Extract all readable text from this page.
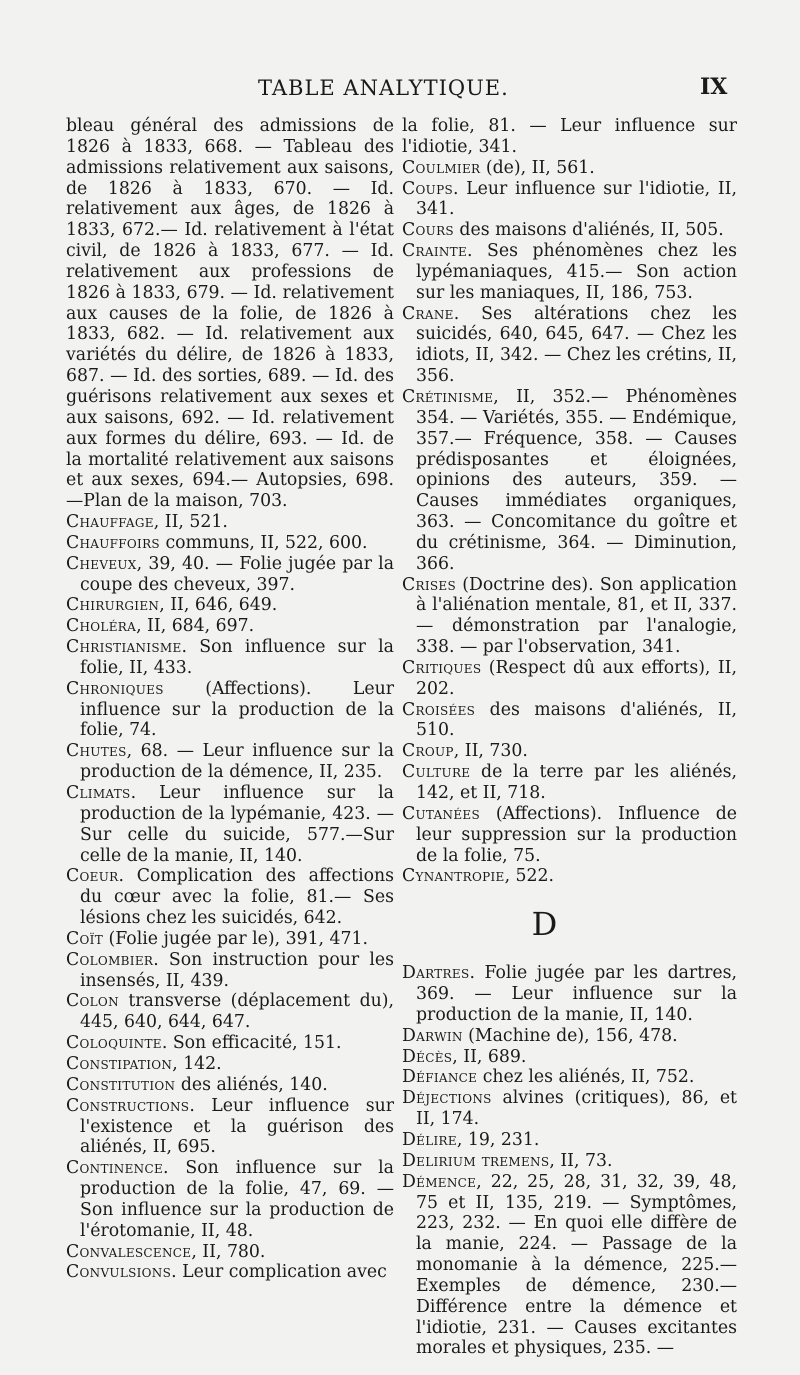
TABLE ANALYTIQUE.	IX
bleau général des admissions de 1826 à 1833, 668. — Tableau des admissions relativement aux saisons, de 1826 à 1833, 670. — Id. relativement aux âges, de 1826 à 1833, 672.— Id. relativement à l'état civil, de 1826 à 1833, 677. — Id. relativement aux professions de 1826 à 1833, 679. — Id. relativement aux causes de la folie, de 1826 à 1833, 682. — Id. relativement aux variétés du délire, de 1826 à 1833, 687. — Id. des sorties, 689. — Id. des guérisons relativement aux sexes et aux saisons, 692. — Id. relativement aux formes du délire, 693. — Id. de la mortalité relativement aux saisons et aux sexes, 694.— Autopsies, 698.—Plan de la maison, 703.
Chauffage, II, 521.
Chauffoirs communs, II, 522, 600.
Cheveux, 39, 40. — Folie jugée par la coupe des cheveux, 397.
Chirurgien, II, 646, 649.
Choléra, II, 684, 697.
Christianisme. Son influence sur la folie, II, 433.
Chroniques (Affections). Leur influence sur la production de la folie, 74.
Chutes, 68. — Leur influence sur la production de la démence, II, 235.
Climats. Leur influence sur la production de la lypémanie, 423. — Sur celle du suicide, 577.—Sur celle de la manie, II, 140.
Coeur. Complication des affections du cœur avec la folie, 81.— Ses lésions chez les suicidés, 642.
Coït (Folie jugée par le), 391, 471.
Colombier. Son instruction pour les insensés, II, 439.
Colon transverse (déplacement du), 445, 640, 644, 647.
Coloquinte. Son efficacité, 151.
Constipation, 142.
Constitution des aliénés, 140.
Constructions. Leur influence sur l'existence et la guérison des aliénés, II, 695.
Continence. Son influence sur la production de la folie, 47, 69. — Son influence sur la production de l'érotomanie, II, 48.
Convalescence, II, 780.
Convulsions. Leur complication avec
la folie, 81. — Leur influence sur l'idiotie, 341.
Coulmier (de), II, 561.
Coups. Leur influence sur l'idiotie, II, 341.
Cours des maisons d'aliénés, II, 505.
Crainte. Ses phénomènes chez les lypémaniaques, 415.— Son action sur les maniaques, II, 186, 753.
Crane. Ses altérations chez les suicidés, 640, 645, 647. — Chez les idiots, II, 342. — Chez les crétins, II, 356.
Crétinisme, II, 352.— Phénomènes 354. — Variétés, 355. — Endémique, 357.— Fréquence, 358. — Causes prédisposantes et éloignées, opinions des auteurs, 359. — Causes immédiates organiques, 363. — Concomitance du goître et du crétinisme, 364. — Diminution, 366.
Crises (Doctrine des). Son application à l'aliénation mentale, 81, et II, 337. — démonstration par l'analogie, 338. — par l'observation, 341.
Critiques (Respect dû aux efforts), II, 202.
Croisées des maisons d'aliénés, II, 510.
Croup, II, 730.
Culture de la terre par les aliénés, 142, et II, 718.
Cutanées (Affections). Influence de leur suppression sur la production de la folie, 75.
Cynantropie, 522.
D
Dartres. Folie jugée par les dartres, 369. — Leur influence sur la production de la manie, II, 140.
Darwin (Machine de), 156, 478.
Décès, II, 689.
Défiance chez les aliénés, II, 752.
Déjections alvines (critiques), 86, et II, 174.
Délire, 19, 231.
Delirium tremens, II, 73.
Démence, 22, 25, 28, 31, 32, 39, 48, 75 et II, 135, 219. — Symptômes, 223, 232. — En quoi elle diffère de la manie, 224. — Passage de la monomanie à la démence, 225.—Exemples de démence, 230.—Différence entre la démence et l'idiotie, 231. — Causes excitantes morales et physiques, 235. —
